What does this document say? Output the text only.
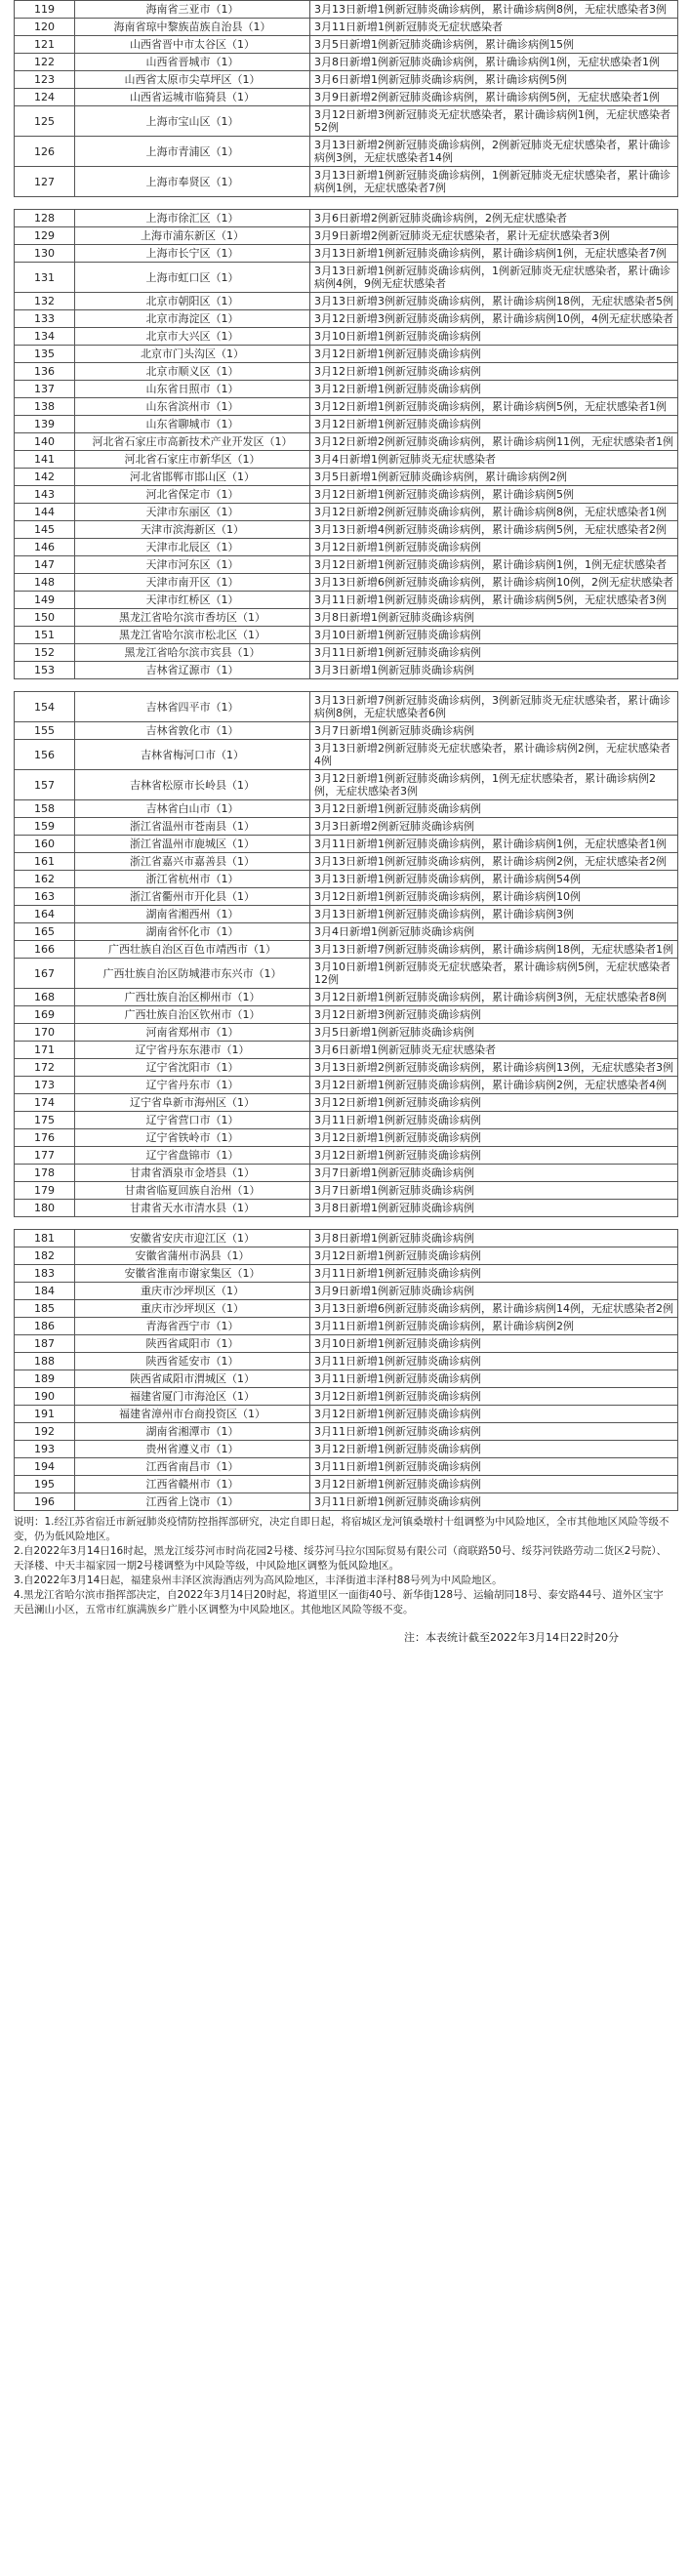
119	海南省三亚市（1）	3月13日新增1例新冠肺炎确诊病例，累计确诊病例8例，无症状感染者3例
120	海南省琼中黎族苗族自治县（1）	3月11日新增1例新冠肺炎无症状感染者
121	山西省晋中市太谷区（1）	3月5日新增1例新冠肺炎确诊病例，累计确诊病例15例
122	山西省晋城市（1）	3月8日新增1例新冠肺炎确诊病例，累计确诊病例1例，无症状感染者1例
123	山西省太原市尖草坪区（1）	3月6日新增1例新冠肺炎确诊病例，累计确诊病例5例
124	山西省运城市临猗县（1）	3月9日新增2例新冠肺炎确诊病例，累计确诊病例5例，无症状感染者1例
125	上海市宝山区（1）	3月12日新增3例新冠肺炎无症状感染者，累计确诊病例1例，无症状感染者52例
126	上海市青浦区（1）	3月13日新增2例新冠肺炎确诊病例，2例新冠肺炎无症状感染者，累计确诊病例3例，无症状感染者14例
127	上海市奉贤区（1）	3月13日新增1例新冠肺炎确诊病例，1例新冠肺炎无症状感染者，累计确诊病例1例，无症状感染者7例
128	上海市徐汇区（1）	3月6日新增2例新冠肺炎确诊病例，2例无症状感染者
129	上海市浦东新区（1）	3月9日新增2例新冠肺炎无症状感染者，累计无症状感染者3例
130	上海市长宁区（1）	3月13日新增1例新冠肺炎确诊病例，累计确诊病例1例，无症状感染者7例
131	上海市虹口区（1）	3月13日新增1例新冠肺炎确诊病例，1例新冠肺炎无症状感染者，累计确诊病例4例，9例无症状感染者
132	北京市朝阳区（1）	3月13日新增3例新冠肺炎确诊病例，累计确诊病例18例，无症状感染者5例
133	北京市海淀区（1）	3月12日新增3例新冠肺炎确诊病例，累计确诊病例10例，4例无症状感染者
134	北京市大兴区（1）	3月10日新增1例新冠肺炎确诊病例
135	北京市门头沟区（1）	3月12日新增1例新冠肺炎确诊病例
136	北京市顺义区（1）	3月12日新增1例新冠肺炎确诊病例
137	山东省日照市（1）	3月12日新增1例新冠肺炎确诊病例
138	山东省滨州市（1）	3月12日新增1例新冠肺炎确诊病例，累计确诊病例5例，无症状感染者1例
139	山东省聊城市（1）	3月12日新增1例新冠肺炎确诊病例
140	河北省石家庄市高新技术产业开发区（1）	3月12日新增2例新冠肺炎确诊病例，累计确诊病例11例，无症状感染者1例
141	河北省石家庄市新华区（1）	3月4日新增1例新冠肺炎无症状感染者
142	河北省邯郸市邯山区（1）	3月5日新增1例新冠肺炎确诊病例，累计确诊病例2例
143	河北省保定市（1）	3月12日新增1例新冠肺炎确诊病例，累计确诊病例5例
144	天津市东丽区（1）	3月12日新增2例新冠肺炎确诊病例，累计确诊病例8例，无症状感染者1例
145	天津市滨海新区（1）	3月13日新增4例新冠肺炎确诊病例，累计确诊病例5例，无症状感染者2例
146	天津市北辰区（1）	3月12日新增1例新冠肺炎确诊病例
147	天津市河东区（1）	3月12日新增1例新冠肺炎确诊病例，累计确诊病例1例，1例无症状感染者
148	天津市南开区（1）	3月13日新增6例新冠肺炎确诊病例，累计确诊病例10例，2例无症状感染者
149	天津市红桥区（1）	3月11日新增1例新冠肺炎确诊病例，累计确诊病例5例，无症状感染者3例
150	黑龙江省哈尔滨市香坊区（1）	3月8日新增1例新冠肺炎确诊病例
151	黑龙江省哈尔滨市松北区（1）	3月10日新增1例新冠肺炎确诊病例
152	黑龙江省哈尔滨市宾县（1）	3月11日新增1例新冠肺炎确诊病例
153	吉林省辽源市（1）	3月3日新增1例新冠肺炎确诊病例
154	吉林省四平市（1）	3月13日新增7例新冠肺炎确诊病例，3例新冠肺炎无症状感染者，累计确诊病例8例，无症状感染者6例
155	吉林省敦化市（1）	3月7日新增1例新冠肺炎确诊病例
156	吉林省梅河口市（1）	3月13日新增2例新冠肺炎无症状感染者，累计确诊病例2例，无症状感染者4例
157	吉林省松原市长岭县（1）	3月12日新增1例新冠肺炎确诊病例，1例无症状感染者，累计确诊病例2例，无症状感染者3例
158	吉林省白山市（1）	3月12日新增1例新冠肺炎确诊病例
159	浙江省温州市苍南县（1）	3月3日新增2例新冠肺炎确诊病例
160	浙江省温州市鹿城区（1）	3月11日新增1例新冠肺炎确诊病例，累计确诊病例1例，无症状感染者1例
161	浙江省嘉兴市嘉善县（1）	3月13日新增1例新冠肺炎确诊病例，累计确诊病例2例，无症状感染者2例
162	浙江省杭州市（1）	3月13日新增1例新冠肺炎确诊病例，累计确诊病例54例
163	浙江省衢州市开化县（1）	3月12日新增1例新冠肺炎确诊病例，累计确诊病例10例
164	湖南省湘西州（1）	3月13日新增1例新冠肺炎确诊病例，累计确诊病例3例
165	湖南省怀化市（1）	3月4日新增1例新冠肺炎确诊病例
166	广西壮族自治区百色市靖西市（1）	3月13日新增7例新冠肺炎确诊病例，累计确诊病例18例，无症状感染者1例
167	广西壮族自治区防城港市东兴市（1）	3月10日新增1例新冠肺炎无症状感染者，累计确诊病例5例，无症状感染者12例
168	广西壮族自治区柳州市（1）	3月12日新增1例新冠肺炎确诊病例，累计确诊病例3例，无症状感染者8例
169	广西壮族自治区钦州市（1）	3月12日新增3例新冠肺炎确诊病例
170	河南省郑州市（1）	3月5日新增1例新冠肺炎确诊病例
171	辽宁省丹东东港市（1）	3月6日新增1例新冠肺炎无症状感染者
172	辽宁省沈阳市（1）	3月13日新增2例新冠肺炎确诊病例，累计确诊病例13例，无症状感染者3例
173	辽宁省丹东市（1）	3月12日新增1例新冠肺炎确诊病例，累计确诊病例2例，无症状感染者4例
174	辽宁省阜新市海州区（1）	3月12日新增1例新冠肺炎确诊病例
175	辽宁省营口市（1）	3月11日新增1例新冠肺炎确诊病例
176	辽宁省铁岭市（1）	3月12日新增1例新冠肺炎确诊病例
177	辽宁省盘锦市（1）	3月12日新增1例新冠肺炎确诊病例
178	甘肃省酒泉市金塔县（1）	3月7日新增1例新冠肺炎确诊病例
179	甘肃省临夏回族自治州（1）	3月7日新增1例新冠肺炎确诊病例
180	甘肃省天水市清水县（1）	3月8日新增1例新冠肺炎确诊病例
181	安徽省安庆市迎江区（1）	3月8日新增1例新冠肺炎确诊病例
182	安徽省蒲州市涡县（1）	3月12日新增1例新冠肺炎确诊病例
183	安徽省淮南市谢家集区（1）	3月11日新增1例新冠肺炎确诊病例
184	重庆市沙坪坝区（1）	3月9日新增1例新冠肺炎确诊病例
185	重庆市沙坪坝区（1）	3月13日新增6例新冠肺炎确诊病例，累计确诊病例14例，无症状感染者2例
186	青海省西宁市（1）	3月11日新增1例新冠肺炎确诊病例，累计确诊病例2例
187	陕西省咸阳市（1）	3月10日新增1例新冠肺炎确诊病例
188	陕西省延安市（1）	3月11日新增1例新冠肺炎确诊病例
189	陕西省咸阳市渭城区（1）	3月11日新增1例新冠肺炎确诊病例
190	福建省厦门市海沧区（1）	3月12日新增1例新冠肺炎确诊病例
191	福建省漳州市台商投资区（1）	3月12日新增1例新冠肺炎确诊病例
192	湖南省湘潭市（1）	3月11日新增1例新冠肺炎确诊病例
193	贵州省遵义市（1）	3月12日新增1例新冠肺炎确诊病例
194	江西省南昌市（1）	3月11日新增1例新冠肺炎确诊病例
195	江西省赣州市（1）	3月12日新增1例新冠肺炎确诊病例
196	江西省上饶市（1）	3月11日新增1例新冠肺炎确诊病例

说明：1.经江苏省宿迁市新冠肺炎疫情防控指挥部研究，决定自即日起，将宿城区龙河镇桑墩村十组调整为中风险地区，全市其他地区风险等级不变，仍为低风险地区。

2.自2022年3月14日16时起，黑龙江绥芬河市时尚花园2号楼、绥芬河马拉尔国际贸易有限公司（商联路50号、绥芬河铁路劳动二货区2号院）、天泽楼、中天丰福家园一期2号楼调整为中风险等级，中风险地区调整为低风险地区。

3.自2022年3月14日起，福建泉州丰泽区滨海酒店列为高风险地区，丰泽街道丰泽村88号列为中风险地区。

4.黑龙江省哈尔滨市指挥部决定，自2022年3月14日20时起，将道里区一面街40号、新华街128号、运输胡同18号、泰安路44号、道外区宝宇天邑澜山小区，五常市红旗满族乡广胜小区调整为中风险地区。其他地区风险等级不变。

注：本表统计截至2022年3月14日22时20分
